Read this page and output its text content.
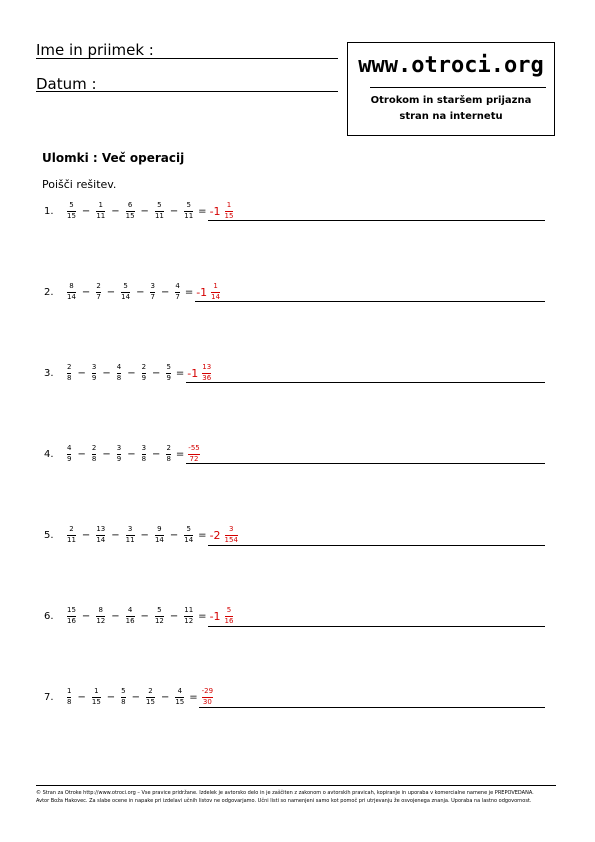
Ime in priimek :
Datum :
www.otroci.org
Otrokom in staršem prijazna
stran na internetu
Ulomki : Več operacij
Poišči rešitev.
1.	$\frac{5}{15} - \frac{1}{11} - \frac{6}{15} - \frac{5}{11} - \frac{5}{11} = -1 \frac{1}{15}$
2.	$\frac{8}{14} - \frac{2}{7} - \frac{5}{14} - \frac{3}{7} - \frac{4}{7} = -1 \frac{1}{14}$
3.	$\frac{2}{8} - \frac{3}{9} - \frac{4}{8} - \frac{2}{9} - \frac{5}{9} = -1 \frac{13}{36}$
4.	$\frac{4}{9} - \frac{2}{8} - \frac{3}{9} - \frac{3}{8} - \frac{2}{8} = \frac{-55}{72}$
5.	$\frac{2}{11} - \frac{13}{14} - \frac{3}{11} - \frac{9}{14} - \frac{5}{14} = -2 \frac{3}{154}$
6.	$\frac{15}{16} - \frac{8}{12} - \frac{4}{16} - \frac{5}{12} - \frac{11}{12} = -1 \frac{5}{16}$
7.	$\frac{1}{8} - \frac{1}{15} - \frac{5}{8} - \frac{2}{15} - \frac{4}{15} = \frac{-29}{30}$
© Stran za Otroke http://www.otroci.org – Vse pravice pridržane. Izdelek je avtorsko delo in je zaščiten z zakonom o avtorskih pravicah, kopiranje in uporaba v komercialne namene je PREPOVEDANA.
Avtor Boža Hakovec. Za slabe ocene in napake pri izdelavi učnih listov ne odgovarjamo. Učni listi so namenjeni samo kot pomoč pri utrjevanju že osvojenega znanja. Uporaba na lastno odgovornost.
